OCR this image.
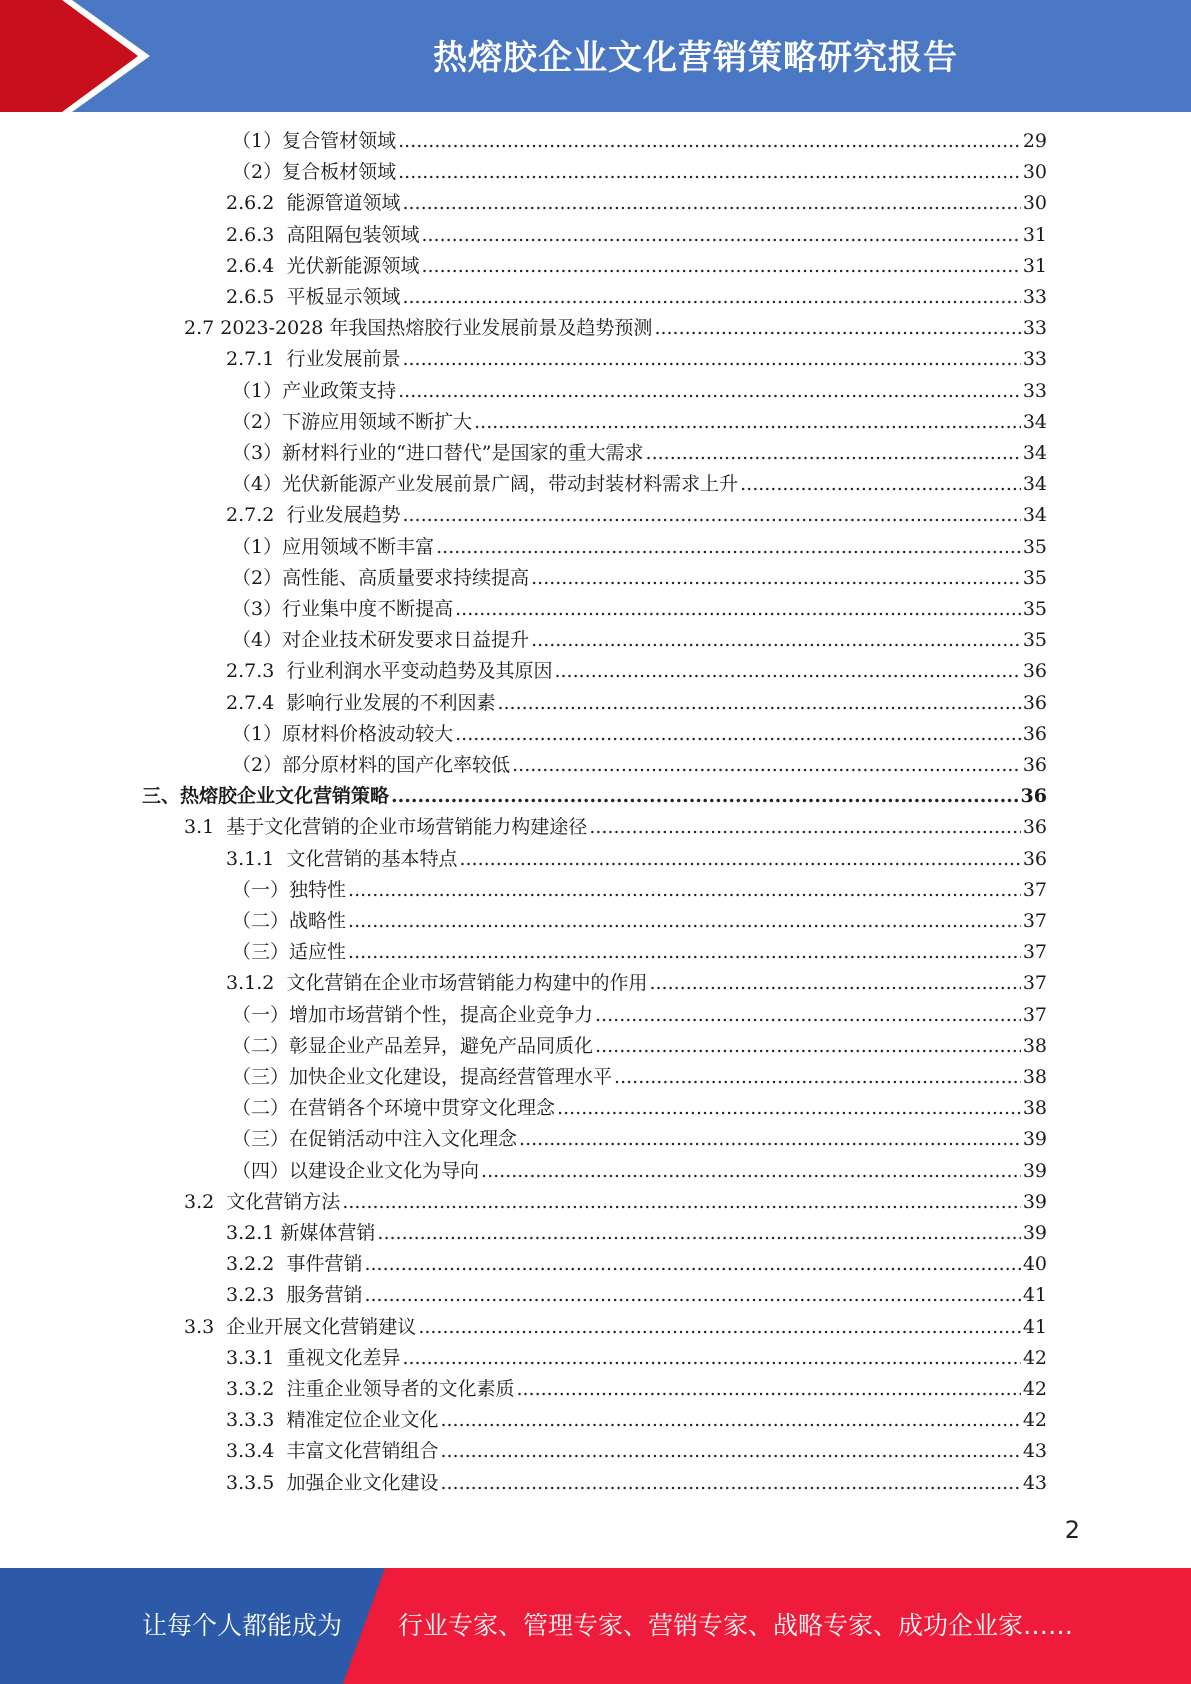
热熔胶企业文化营销策略研究报告
（1） 复合管材领域 .....	29
（2） 复合板材领域 .....	30
2.6.2 能源管道领域 .....	30
2.6.3 高阻隔包装领域 .....	31
2.6.4 光伏新能源领域 .....	31
2.6.5 平板显示领域 .....	33
2.7 2023-2028 年我国热熔胶行业发展前景及趋势预测 .....	33
2.7.1 行业发展前景 .....	33
（1） 产业政策支持 .....	33
（2） 下游应用领域不断扩大 .....	34
（3） 新材料行业的“进口替代”是国家的重大需求 .....	34
（4） 光伏新能源产业发展前景广阔，带动封装材料需求上升 .....	34
2.7.2 行业发展趋势 .....	34
（1） 应用领域不断丰富 .....	35
（2） 高性能、高质量要求持续提高 .....	35
（3） 行业集中度不断提高 .....	35
（4） 对企业技术研发要求日益提升 .....	35
2.7.3 行业利润水平变动趋势及其原因 .....	36
2.7.4 影响行业发展的不利因素 .....	36
（1） 原材料价格波动较大 .....	36
（2） 部分原材料的国产化率较低 .....	36
三、 热熔胶企业文化营销策略 .....	36
3.1 基于文化营销的企业市场营销能力构建途径 .....	36
3.1.1 文化营销的基本特点 .....	36
（一） 独特性 .....	37
（二） 战略性 .....	37
（三） 适应性 .....	37
3.1.2 文化营销在企业市场营销能力构建中的作用 .....	37
（一） 增加市场营销个性，提高企业竞争力 .....	37
（二） 彰显企业产品差异，避免产品同质化 .....	38
（三） 加快企业文化建设，提高经营管理水平 .....	38
（二） 在营销各个环境中贯穿文化理念 .....	38
（三） 在促销活动中注入文化理念 .....	39
（四） 以建设企业文化为导向 .....	39
3.2 文化营销方法 .....	39
3.2.1 新媒体营销 .....	39
3.2.2 事件营销 .....	40
3.2.3 服务营销 .....	41
3.3 企业开展文化营销建议 .....	41
3.3.1 重视文化差异 .....	42
3.3.2 注重企业领导者的文化素质 .....	42
3.3.3 精准定位企业文化 .....	42
3.3.4 丰富文化营销组合 .....	43
3.3.5 加强企业文化建设 .....	43
2
让每个人都能成为 行业专家、管理专家、营销专家、战略专家、成功企业家……
